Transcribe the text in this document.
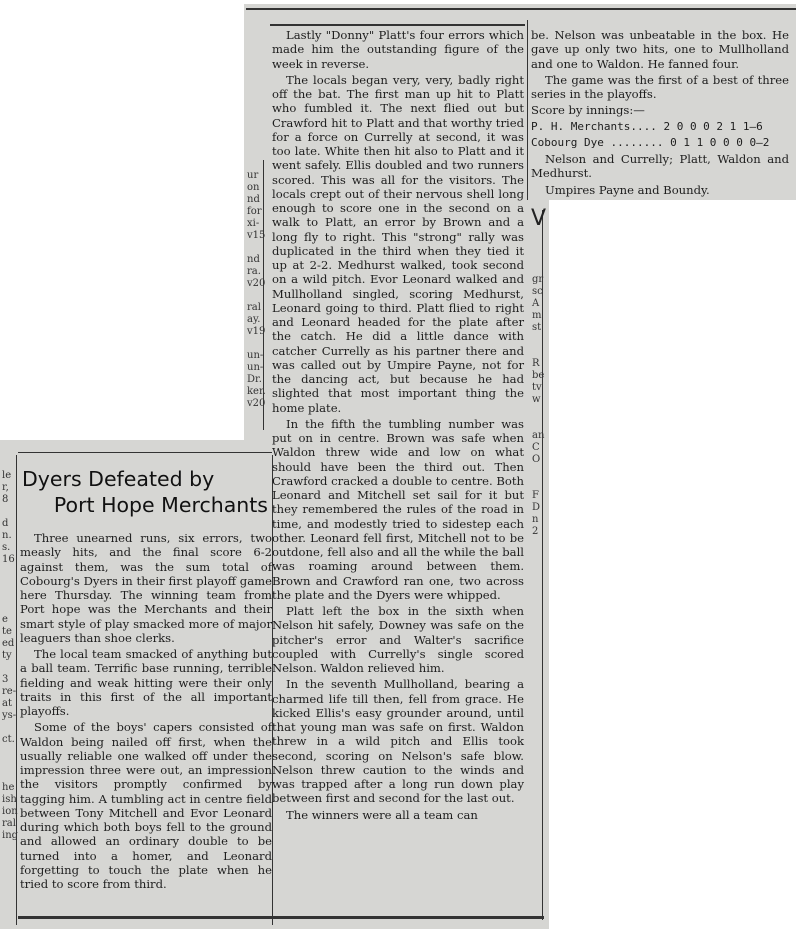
ur
on
nd
for
xi-
v15

nd
ra.
v20

ral
ay.
v19

un-
un-
Dr.
ker.
v20
le
r,
8

d
n.
s.
16

e
te
ed
ty

3
re-
at
ys-

ct.

he
ish
ion
ral
ing

gr
sc
A
m
st

R
be
tv
w

an
C
O

F
D
n
2
V
Dyers Defeated by
Port Hope Merchants

Three unearned runs, six errors, two measly hits, and the final score 6-2 against them, was the sum total of Cobourg's Dyers in their first playoff game here Thursday. The winning team from Port hope was the Merchants and their smart style of play smacked more of major leaguers than shoe clerks.

The local team smacked of anything but a ball team. Terrific base running, terrible fielding and weak hitting were their only traits in this first of the all important playoffs.

Some of the boys' capers consisted of Waldon being nailed off first, when the usually reliable one walked off under the impression three were out, an impression the visitors promptly confirmed by tagging him. A tumbling act in centre field between Tony Mitchell and Evor Leonard during which both boys fell to the ground and allowed an ordinary double to be turned into a homer, and Leonard forgetting to touch the plate when he tried to score from third.

Lastly "Donny" Platt's four errors which made him the outstanding figure of the week in reverse.

The locals began very, very, badly right off the bat. The first man up hit to Platt who fumbled it. The next flied out but Crawford hit to Platt and that worthy tried for a force on Currelly at second, it was too late. White then hit also to Platt and it went safely. Ellis doubled and two runners scored. This was all for the visitors. The locals crept out of their nervous shell long enough to score one in the second on a walk to Platt, an error by Brown and a long fly to right. This "strong" rally was duplicated in the third when they tied it up at 2-2. Medhurst walked, took second on a wild pitch. Evor Leonard walked and Mullholland singled, scoring Medhurst, Leonard going to third. Platt flied to right and Leonard headed for the plate after the catch. He did a little dance with catcher Currelly as his partner there and was called out by Umpire Payne, not for the dancing act, but because he had slighted that most important thing the home plate.

In the fifth the tumbling number was put on in centre. Brown was safe when Waldon threw wide and low on what should have been the third out. Then Crawford cracked a double to centre. Both Leonard and Mitchell set sail for it but they remembered the rules of the road in time, and modestly tried to sidestep each other. Leonard fell first, Mitchell not to be outdone, fell also and all the while the ball was roaming around between them. Brown and Crawford ran one, two across the plate and the Dyers were whipped.

Platt left the box in the sixth when Nelson hit safely, Downey was safe on the pitcher's error and Walter's sacrifice coupled with Currelly's single scored Nelson. Waldon relieved him.

In the seventh Mullholland, bearing a charmed life till then, fell from grace. He kicked Ellis's easy grounder around, until that young man was safe on first. Waldon threw in a wild pitch and Ellis took second, scoring on Nelson's safe blow. Nelson threw caution to the winds and was trapped after a long run down play between first and second for the last out.

The winners were all a team can

be. Nelson was unbeatable in the box. He gave up only two hits, one to Mullholland and one to Waldon. He fanned four.

The game was the first of a best of three series in the playoffs.

Score by innings:—

P. H. Merchants.... 2 0 0 0 2 1 1—6

Cobourg Dye ........ 0 1 1 0 0 0 0—2

Nelson and Currelly; Platt, Waldon and Medhurst.

Umpires Payne and Boundy.
